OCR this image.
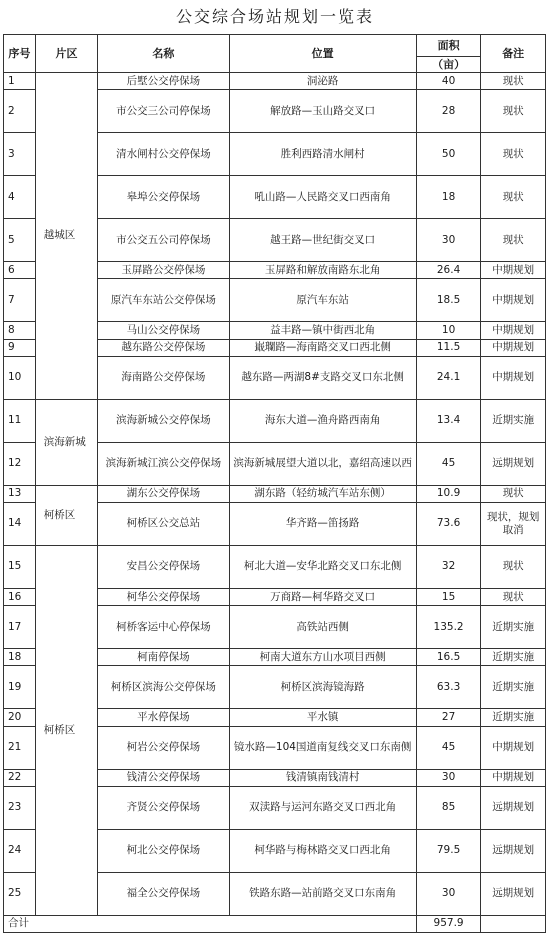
公交综合场站规划一览表
序号	片区	名称	位置	面积	备注
				（亩）	
1	越城区	后墅公交停保场	洞泌路	40	现状
2		市公交三公司停保场	解放路—玉山路交叉口	28	现状
3		清水闸村公交停保场	胜利西路清水闸村	50	现状
4		皋埠公交停保场	吼山路—人民路交叉口西南角	18	现状
5		市公交五公司停保场	越王路—世纪街交叉口	30	现状
6		玉屏路公交停保场	玉屏路和解放南路东北角	26.4	中期规划
7		原汽车东站公交停保场	原汽车东站	18.5	中期规划
8		马山公交停保场	益丰路—镇中街西北角	10	中期规划
9		越东路公交停保场	嶯瓓路—海南路交叉口西北侧	11.5	中期规划
10		海南路公交停保场	越东路—两湖8#支路交叉口东北侧	24.1	中期规划
11	滨海新城	滨海新城公交停保场	海东大道—渔舟路西南角	13.4	近期实施
12		滨海新城江滨公交停保场	滨海新城展望大道以北，嘉绍高速以西	45	远期规划
13	柯桥区	湖东公交停保场	湖东路（轻纺城汽车站东侧）	10.9	现状
14		柯桥区公交总站	华齐路—笛扬路	73.6	现状，规划取消
15	柯桥区	安昌公交停保场	柯北大道—安华北路交叉口东北侧	32	现状
16		柯华公交停保场	万商路—柯华路交叉口	15	现状
17		柯桥客运中心停保场	高铁站西侧	135.2	近期实施
18		柯南停保场	柯南大道东方山水项目西侧	16.5	近期实施
19		柯桥区滨海公交停保场	柯桥区滨海镜海路	63.3	近期实施
20		平水停保场	平水镇	27	近期实施
21		柯岩公交停保场	镜水路—104国道南复线交叉口东南侧	45	中期规划
22		钱清公交停保场	钱清镇南钱清村	30	中期规划
23		齐贤公交停保场	双渎路与运河东路交叉口西北角	85	远期规划
24		柯北公交停保场	柯华路与梅林路交叉口西北角	79.5	远期规划
25		福全公交停保场	铁路东路—站前路交叉口东南角	30	远期规划
合计				957.9	
